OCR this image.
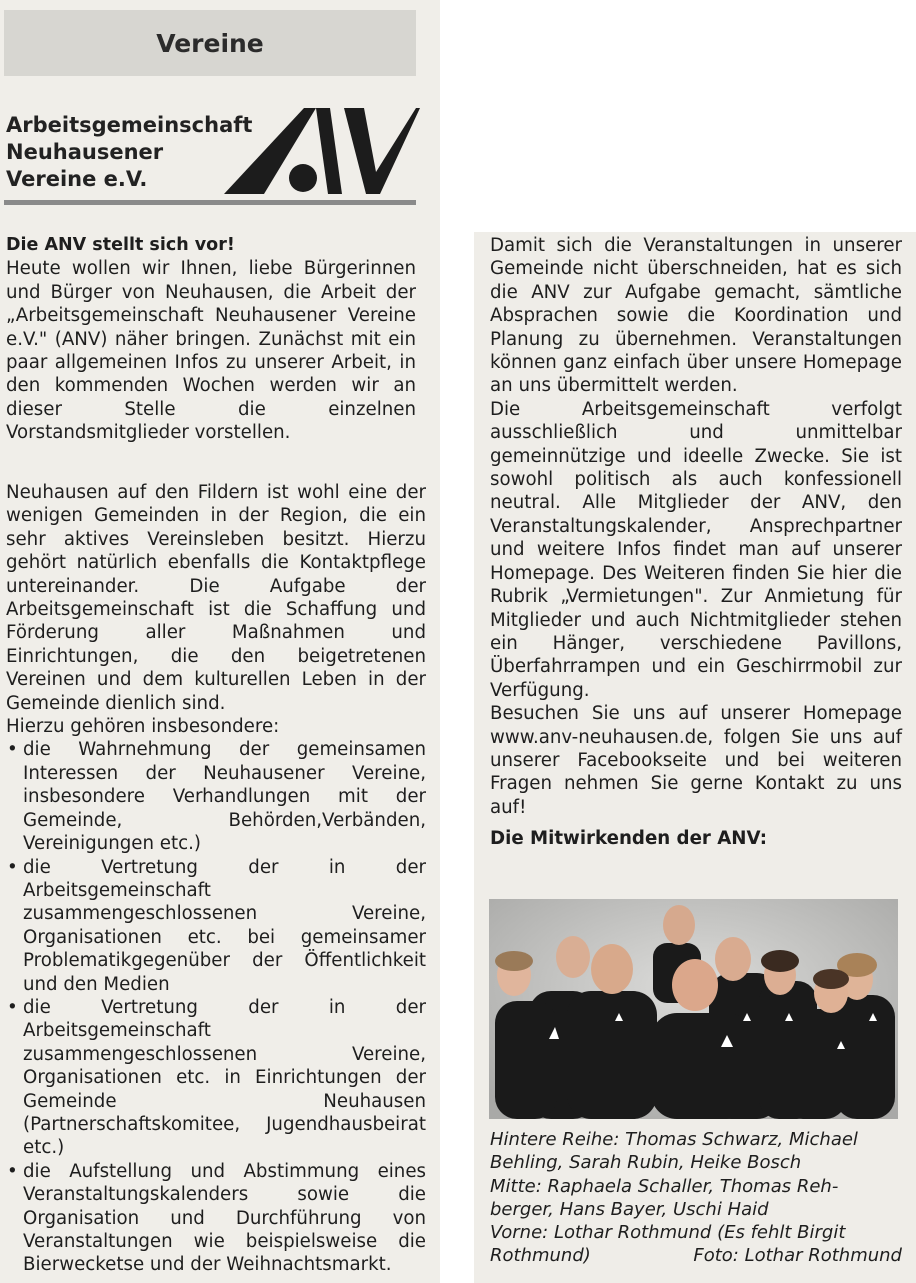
Vereine
Arbeitsgemeinschaft
Neuhausener
Vereine e.V.
Die ANV stellt sich vor!

Heute wollen wir Ihnen, liebe Bürgerinnen und Bürger von Neuhausen, die Arbeit der „Arbeitsgemeinschaft Neuhausener Vereine e.V." (ANV) näher bringen. Zunächst mit ein paar allgemeinen Infos zu unserer Arbeit, in den kommenden Wochen werden wir an dieser Stelle die einzelnen Vorstandsmitglieder vorstellen.

Neuhausen auf den Fildern ist wohl eine der wenigen Gemeinden in der Region, die ein sehr aktives Vereinsleben besitzt. Hierzu gehört natürlich ebenfalls die Kontaktpflege untereinander. Die Aufgabe der Arbeitsgemeinschaft ist die Schaffung und Förderung aller Maßnahmen und Einrichtungen, die den beigetretenen Vereinen und dem kulturellen Leben in der Gemeinde dienlich sind.

Hierzu gehören insbesondere:

• die Wahrnehmung der gemeinsamen Interessen der Neuhausener Vereine, insbesondere Verhandlungen mit der Gemeinde, Behörden,Verbänden, Vereinigungen etc.)
• die Vertretung der in der Arbeitsgemeinschaft zusammengeschlossenen Vereine, Organisationen etc. bei gemeinsamer Problematikgegenüber der Öffentlichkeit und den Medien
• die Vertretung der in der Arbeitsgemeinschaft zusammengeschlossenen Vereine, Organisationen etc. in Einrichtungen der Gemeinde Neuhausen (Partnerschaftskomitee, Jugendhausbeirat etc.)
• die Aufstellung und Abstimmung eines Veranstaltungskalenders sowie die Organisation und Durchführung von Veranstaltungen wie beispielsweise die Bierwecketse und der Weihnachtsmarkt.

Damit sich die Veranstaltungen in unserer Gemeinde nicht überschneiden, hat es sich die ANV zur Aufgabe gemacht, sämtliche Absprachen sowie die Koordination und Planung zu übernehmen. Veranstaltungen können ganz einfach über unsere Homepage an uns übermittelt werden.

Die Arbeitsgemeinschaft verfolgt ausschließlich und unmittelbar gemeinnützige und ideelle Zwecke. Sie ist sowohl politisch als auch konfessionell neutral. Alle Mitglieder der ANV, den Veranstaltungskalender, Ansprechpartner und weitere Infos findet man auf unserer Homepage. Des Weiteren finden Sie hier die Rubrik „Vermietungen". Zur Anmietung für Mitglieder und auch Nichtmitglieder stehen ein Hänger, verschiedene Pavillons, Überfahrrampen und ein Geschirrmobil zur Verfügung.

Besuchen Sie uns auf unserer Homepage www.anv-neuhausen.de, folgen Sie uns auf unserer Facebookseite und bei weiteren Fragen nehmen Sie gerne Kontakt zu uns auf!

Die Mitwirkenden der ANV:

Hintere Reihe: Thomas Schwarz, Michael
Behling, Sarah Rubin, Heike Bosch
Mitte: Raphaela Schaller, Thomas Reh-
berger, Hans Bayer, Uschi Haid
Vorne: Lothar Rothmund (Es fehlt Birgit
Rothmund)	Foto: Lothar Rothmund
